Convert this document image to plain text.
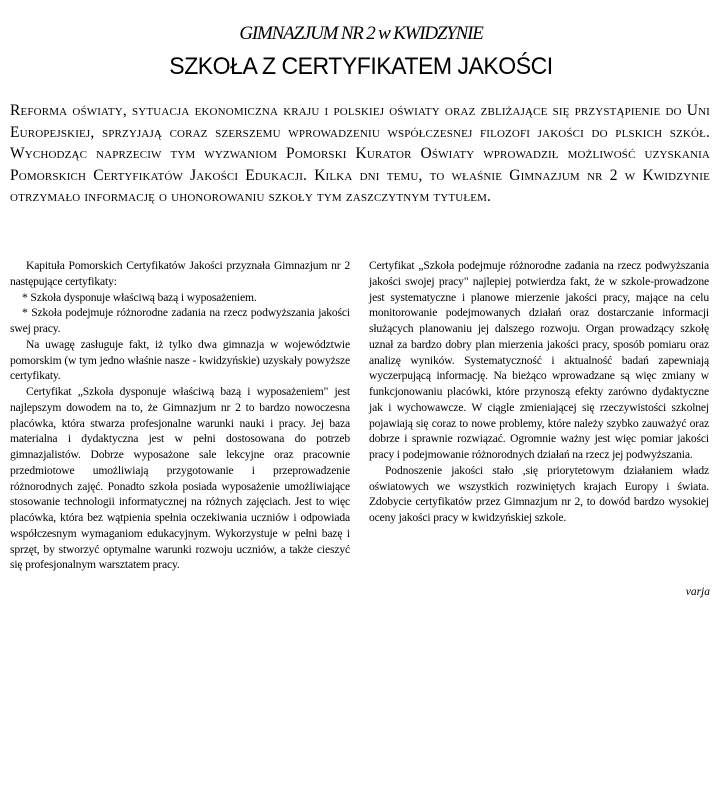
GIMNAZJUM NR 2 w KWIDZYNIE
SZKOŁA Z CERTYFIKATEM JAKOŚCI
Reforma oświaty, sytuacja ekonomiczna kraju i polskiej oświaty oraz zbliżające się przystąpienie do Uni Europejskiej, sprzyjają coraz szerszemu wprowadzeniu współczesnej filozofi jakości do plskich szkół. Wychodząc naprzeciw tym wyzwaniom Pomorski Kurator Oświaty wprowadził możliwość uzyskania Pomorskich Certyfikatów Jakości Edukacji. Kilka dni temu, to właśnie Gimnazjum nr 2 w Kwidzynie otrzymało informację o uhonorowaniu szkoły tym zaszczytnym tytułem.

Kapituła Pomorskich Certyfikatów Jakości przyznała Gimnazjum nr 2 następujące certyfikaty:

* Szkoła dysponuje właściwą bazą i wyposażeniem.

* Szkoła podejmuje różnorodne zadania na rzecz podwyższania jakości swej pracy.

Na uwagę zasługuje fakt, iż tylko dwa gimnazja w województwie pomorskim (w tym jedno właśnie nasze - kwidzyńskie) uzyskały powyższe certyfikaty.

Certyfikat „Szkoła dysponuje właściwą bazą i wyposażeniem" jest najlepszym dowodem na to, że Gimnazjum nr 2 to bardzo nowoczesna placówka, która stwarza profesjonalne warunki nauki i pracy. Jej baza materialna i dydaktyczna jest w pełni dostosowana do potrzeb gimnazjalistów. Dobrze wyposażone sale lekcyjne oraz pracownie przedmiotowe umożliwiają przygotowanie i przeprowadzenie różnorodnych zajęć. Ponadto szkoła posiada wyposażenie umożliwiające stosowanie technologii informatycznej na różnych zajęciach. Jest to więc placówka, która bez wątpienia spełnia oczekiwania uczniów i odpowiada współczesnym wymaganiom edukacyjnym. Wykorzystuje w pełni bazę i sprzęt, by stworzyć optymalne warunki rozwoju uczniów, a także cieszyć się profesjonalnym warsztatem pracy.

Certyfikat „Szkoła podejmuje różnorodne zadania na rzecz podwyższania jakości swojej pracy" najlepiej potwierdza fakt, że w szkole-prowadzone jest systematyczne i planowe mierzenie jakości pracy, mające na celu monitorowanie podejmowanych działań oraz dostarczanie informacji służących planowaniu jej dalszego rozwoju. Organ prowadzący szkołę uznał za bardzo dobry plan mierzenia jakości pracy, sposób pomiaru oraz analizę wyników. Systematyczność i aktualność badań zapewniają wyczerpującą informację. Na bieżąco wprowadzane są więc zmiany w funkcjonowaniu placówki, które przynoszą efekty zarówno dydaktyczne jak i wychowawcze. W ciągle zmieniającej się rzeczywistości szkolnej pojawiają się coraz to nowe problemy, które należy szybko zauważyć oraz dobrze i sprawnie rozwiązać. Ogromnie ważny jest więc pomiar jakości pracy i podejmowanie różnorodnych działań na rzecz jej podwyższania.

Podnoszenie jakości stało ,się priorytetowym działaniem władz oświatowych we wszystkich rozwiniętych krajach Europy i świata. Zdobycie certyfikatów przez Gimnazjum nr 2, to dowód bardzo wysokiej oceny jakości pracy w kwidzyńskiej szkole.

varja
